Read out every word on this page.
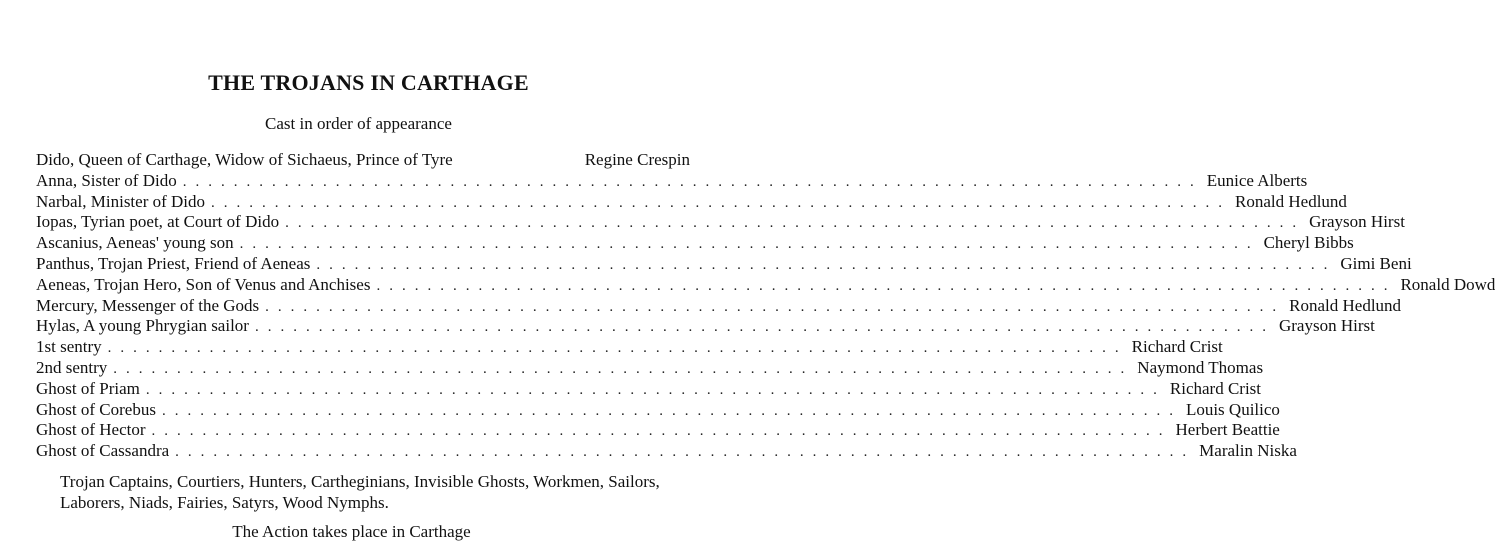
THE TROJANS IN CARTHAGE
Cast in order of appearance
Dido, Queen of Carthage, Widow of Sichaeus, Prince of Tyre	Regine Crespin
Anna, Sister of Dido ................................................................................ Eunice Alberts
Narbal, Minister of Dido ................................................................................ Ronald Hedlund
Iopas, Tyrian poet, at Court of Dido ................................................................................ Grayson Hirst
Ascanius, Aeneas' young son ................................................................................ Cheryl Bibbs
Panthus, Trojan Priest, Friend of Aeneas ................................................................................ Gimi Beni
Aeneas, Trojan Hero, Son of Venus and Anchises ................................................................................ Ronald Dowd
Mercury, Messenger of the Gods ................................................................................ Ronald Hedlund
Hylas, A young Phrygian sailor ................................................................................ Grayson Hirst
1st sentry ................................................................................ Richard Crist
2nd sentry ................................................................................ Naymond Thomas
Ghost of Priam ................................................................................ Richard Crist
Ghost of Corebus ................................................................................ Louis Quilico
Ghost of Hector ................................................................................ Herbert Beattie
Ghost of Cassandra ................................................................................ Maralin Niska
Trojan Captains, Courtiers, Hunters, Cartheginians, Invisible Ghosts, Workmen, Sailors, Laborers, Niads, Fairies, Satyrs, Wood Nymphs.
The Action takes place in Carthage
